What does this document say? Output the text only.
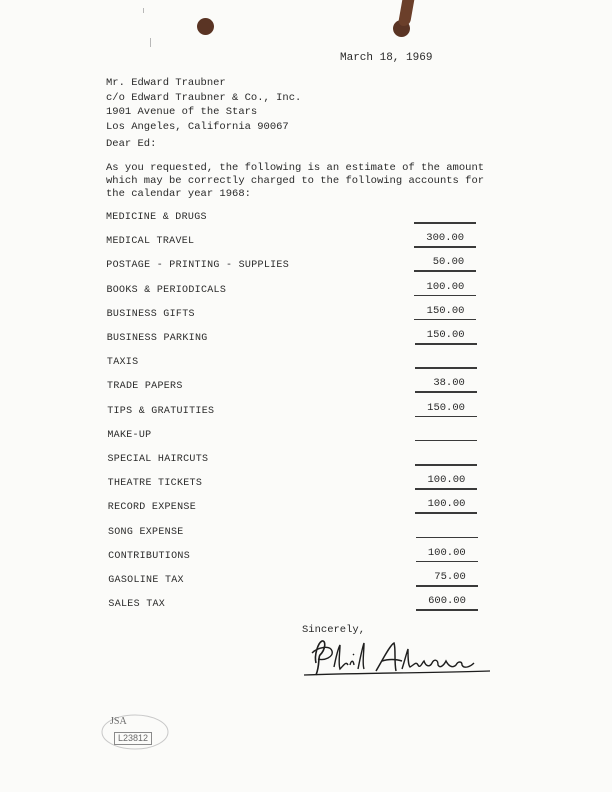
March 18, 1969
Mr. Edward Traubner
c/o Edward Traubner & Co., Inc.
1901 Avenue of the Stars
Los Angeles, California 90067
Dear Ed:
As you requested, the following is an estimate of the amount
which may be correctly charged to the following accounts for
the calendar year 1968:
MEDICINE & DRUGS
MEDICAL TRAVEL	300.00
POSTAGE - PRINTING - SUPPLIES	50.00
BOOKS & PERIODICALS	100.00
BUSINESS GIFTS	150.00
BUSINESS PARKING	150.00
TAXIS
TRADE PAPERS	38.00
TIPS & GRATUITIES	150.00
MAKE-UP
SPECIAL HAIRCUTS
THEATRE TICKETS	100.00
RECORD EXPENSE	100.00
SONG EXPENSE
CONTRIBUTIONS	100.00
GASOLINE TAX	75.00
SALES TAX	600.00
Sincerely,
JSA
L23812
